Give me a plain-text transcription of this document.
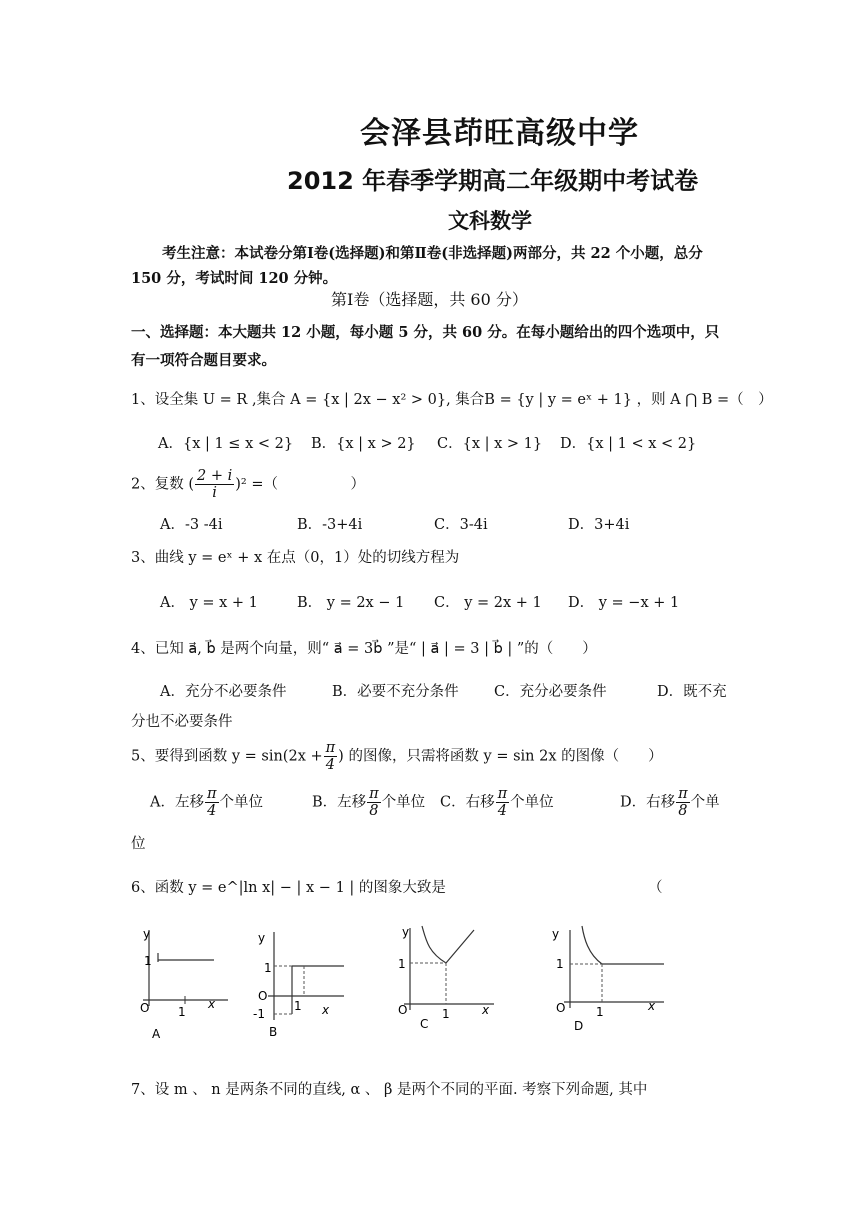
会泽县茚旺高级中学
2012 年春季学期高二年级期中考试卷
文科数学
考生注意：本试卷分第Ⅰ卷(选择题)和第Ⅱ卷(非选择题)两部分，共 22 个小题，总分
150 分，考试时间 120 分钟。
第Ⅰ卷（选择题，共 60 分）
一、选择题：本大题共 12 小题，每小题 5 分，共 60 分。在每小题给出的四个选项中，只
有一项符合题目要求。
1、设全集 U = R ,集合 A = {x | 2x − x² > 0}, 集合B = {y | y = eˣ + 1} ，则 A ⋂ B =（　）
A．{x | 1 ≤ x < 2} B．{x | x > 2} C．{x | x > 1} D．{x | 1 < x < 2}
2、复数 ( $\frac{2 + i}{i} )^2$ =（　　　　　）
A．-3 -4i	B．-3+4i	C．3-4i	D．3+4i
3、曲线 y = eˣ + x 在点（0，1）处的切线方程为
A． y = x + 1	B． y = 2x − 1 C． y = 2x + 1 D． y = −x + 1
4、已知 a⃗, b⃗ 是两个向量，则“ a⃗ = 3b⃗ ”是“ | a⃗ | = 3 | b⃗ | ”的（　　）
A．充分不必要条件	B．必要不充分条件 C．充分必要条件	D．既不充
分也不必要条件
5、要得到函数 $y = \sin(2x + \frac{\pi}{4}$ ) 的图像，只需将函数 y = sin 2x 的图像（　　）
A．左移 $\frac{\pi}{4}$ 个单位	B．左移 $\frac{\pi}{8}$ 个单位 C．右移 $\frac{\pi}{4}$ 个单位	D．右移 $\frac{\pi}{8}$ 个单
位
6、函数 y = e^|ln x| − | x − 1 | 的图象大致是	（
y
1
O 1
x
A
y
1
O
1
-1	x
B
y
1
O	1	x
C
y
1
O	1	x
D
7、设 m 、 n 是两条不同的直线, α 、 β 是两个不同的平面. 考察下列命题, 其中
